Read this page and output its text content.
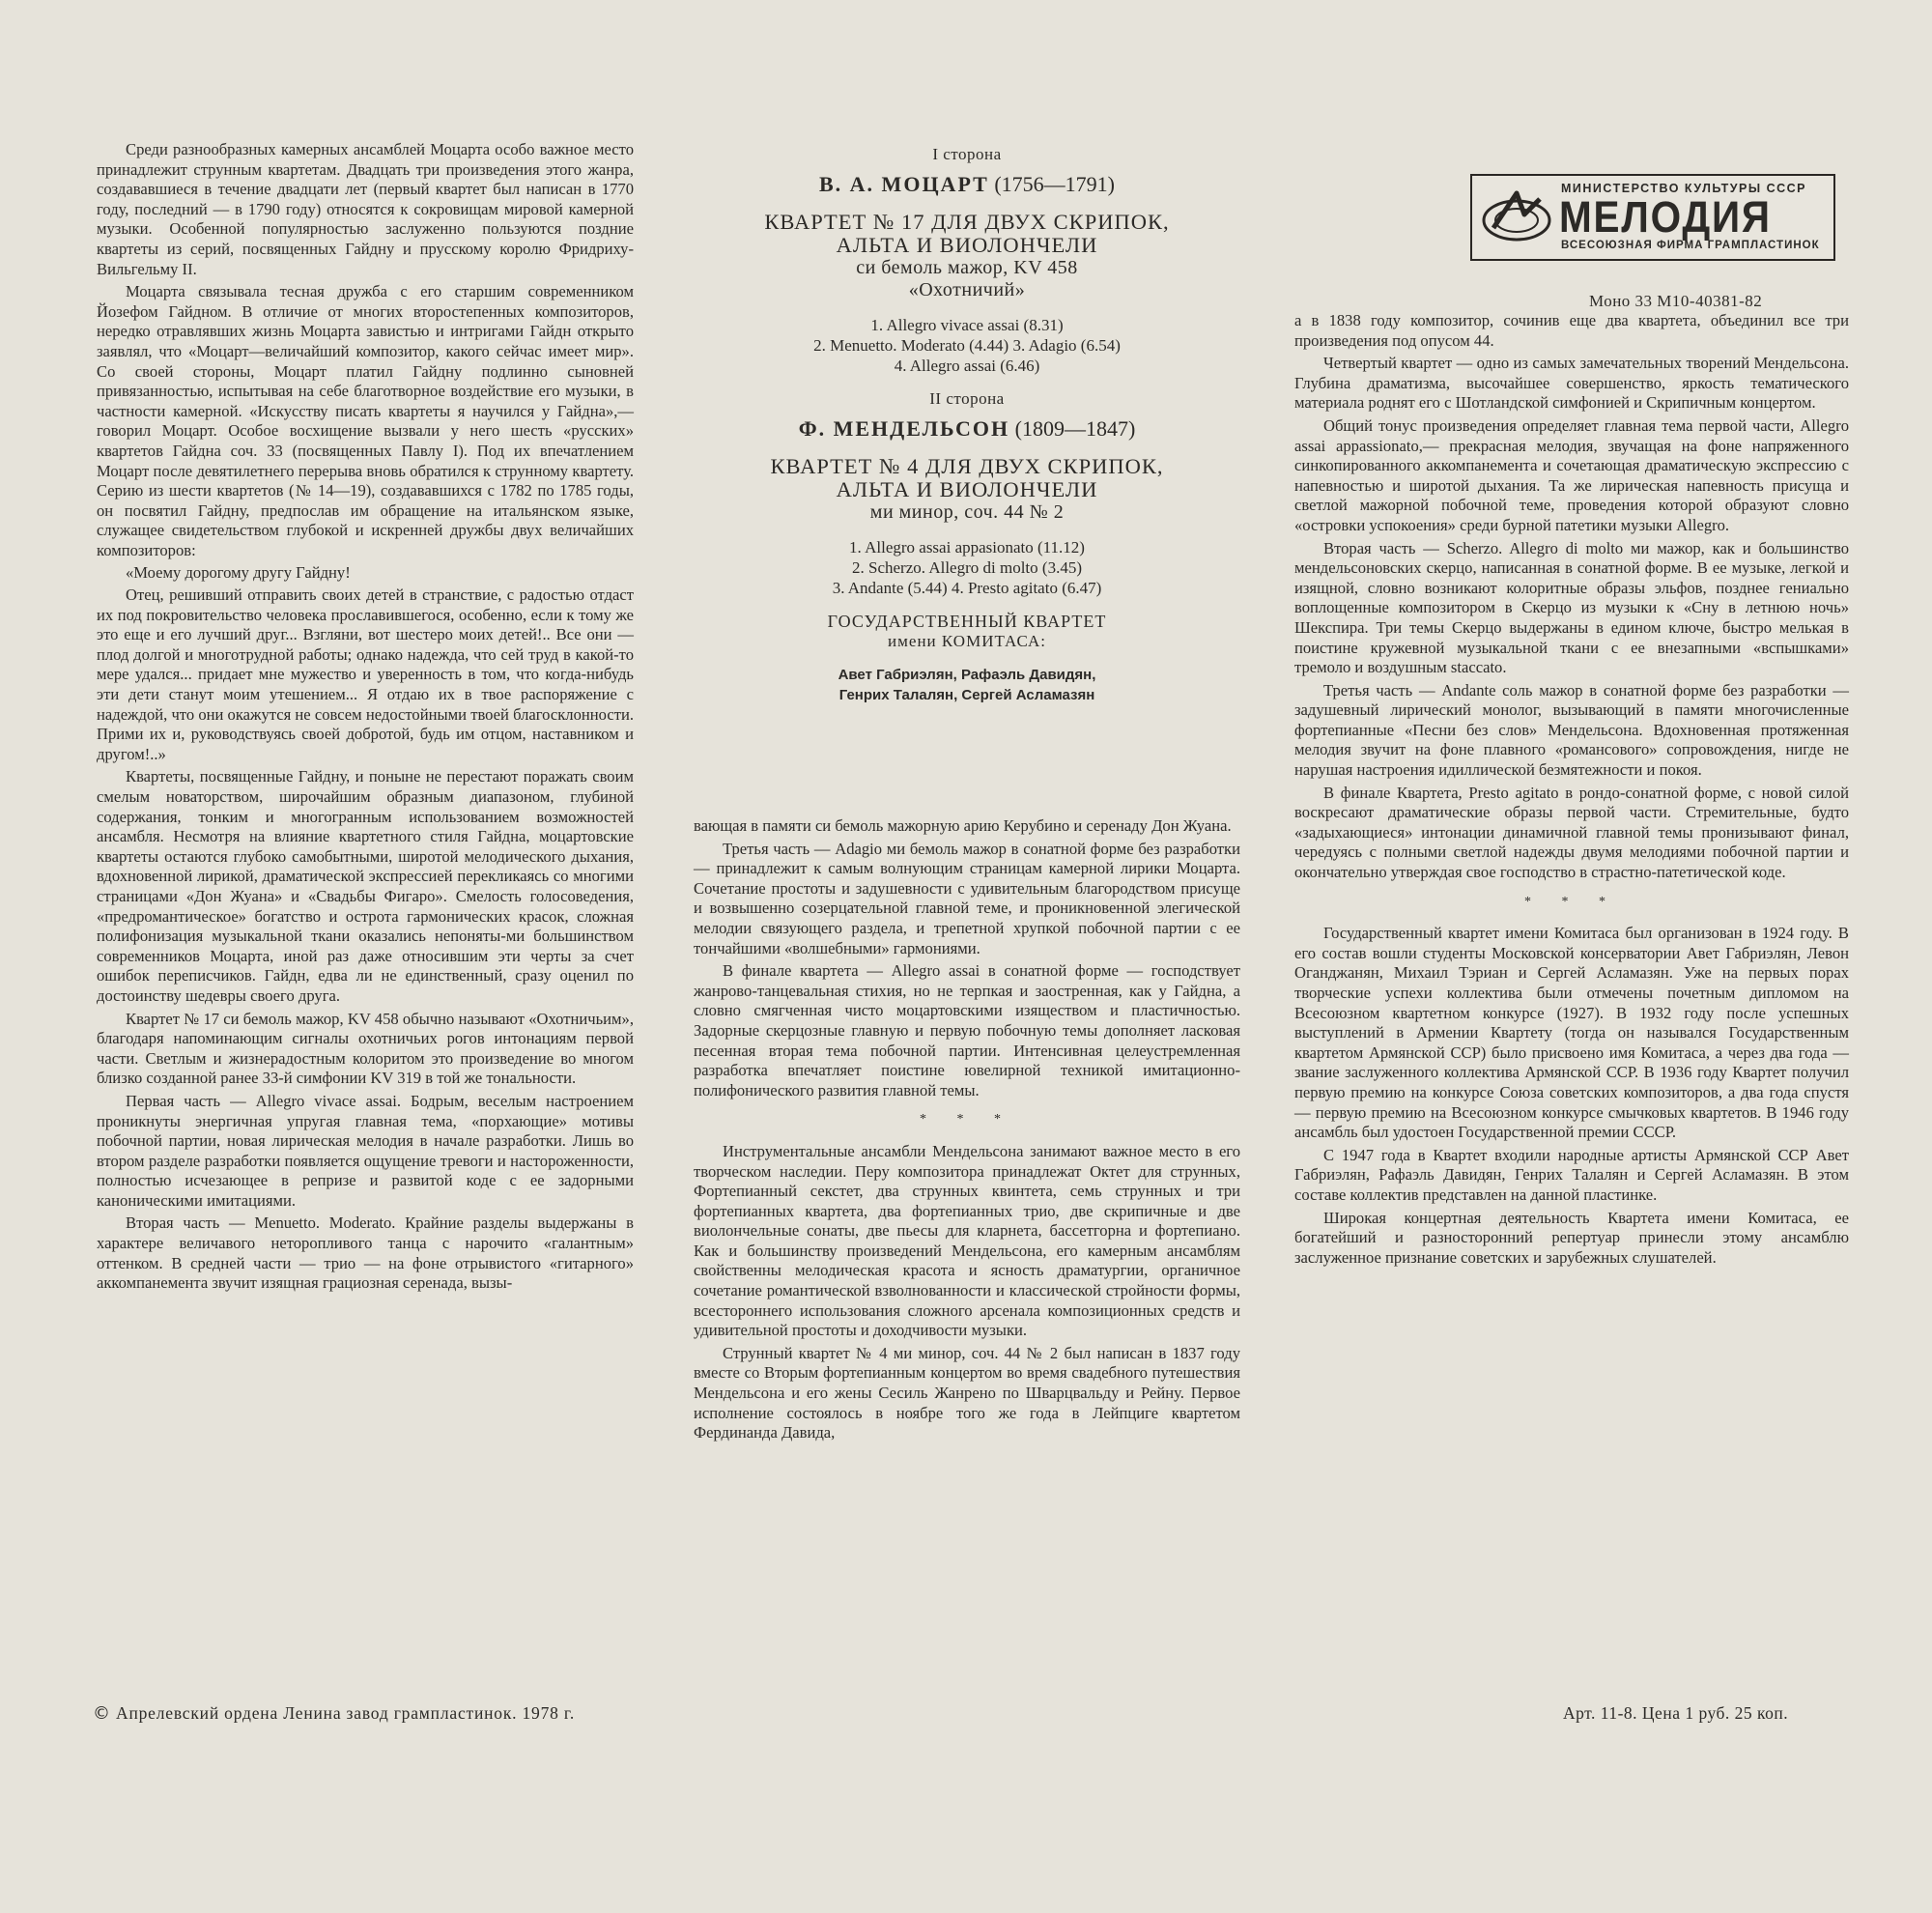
Среди разнообразных камерных ансамблей Моцарта особо важное место принадлежит струнным квартетам. Двадцать три произведения этого жанра, создававшиеся в течение двадцати лет (первый квартет был написан в 1770 году, последний — в 1790 году) относятся к сокровищам мировой камерной музыки. Особенной популярностью заслуженно пользуются поздние квартеты из серий, посвященных Гайдну и прусскому королю Фридриху-Вильгельму II.

Моцарта связывала тесная дружба с его старшим современником Йозефом Гайдном. В отличие от многих второстепенных композиторов, нередко отравлявших жизнь Моцарта завистью и интригами Гайдн открыто заявлял, что «Моцарт—величайший композитор, какого сейчас имеет мир». Со своей стороны, Моцарт платил Гайдну подлинно сыновней привязанностью, испытывая на себе благотворное воздействие его музыки, в частности камерной. «Искусству писать квартеты я научился у Гайдна»,— говорил Моцарт. Особое восхищение вызвали у него шесть «русских» квартетов Гайдна соч. 33 (посвященных Павлу I). Под их впечатлением Моцарт после девятилетнего перерыва вновь обратился к струнному квартету. Серию из шести квартетов (№ 14—19), создававшихся с 1782 по 1785 годы, он посвятил Гайдну, предпослав им обращение на итальянском языке, служащее свидетельством глубокой и искренней дружбы двух величайших композиторов:

«Моему дорогому другу Гайдну!

Отец, решивший отправить своих детей в странствие, с радостью отдаст их под покровительство человека прославившегося, особенно, если к тому же это еще и его лучший друг... Взгляни, вот шестеро моих детей!.. Все они — плод долгой и многотрудной работы; однако надежда, что сей труд в какой-то мере удался... придает мне мужество и уверенность в том, что когда-нибудь эти дети станут моим утешением... Я отдаю их в твое распоряжение с надеждой, что они окажутся не совсем недостойными твоей благосклонности. Прими их и, руководствуясь своей добротой, будь им отцом, наставником и другом!..»

Квартеты, посвященные Гайдну, и поныне не перестают поражать своим смелым новаторством, широчайшим образным диапазоном, глубиной содержания, тонким и многогранным использованием возможностей ансамбля. Несмотря на влияние квартетного стиля Гайдна, моцартовские квартеты остаются глубоко самобытными, широтой мелодического дыхания, вдохновенной лирикой, драматической экспрессией перекликаясь со многими страницами «Дон Жуана» и «Свадьбы Фигаро». Смелость голосоведения, «предромантическое» богатство и острота гармонических красок, сложная полифонизация музыкальной ткани оказались непоняты-ми большинством современников Моцарта, иной раз даже относившим эти черты за счет ошибок переписчиков. Гайдн, едва ли не единственный, сразу оценил по достоинству шедевры своего друга.

Квартет № 17 си бемоль мажор, KV 458 обычно называют «Охотничьим», благодаря напоминающим сигналы охотничьих рогов интонациям первой части. Светлым и жизнерадостным колоритом это произведение во многом близко созданной ранее 33-й симфонии KV 319 в той же тональности.

Первая часть — Allegro vivace assai. Бодрым, веселым настроением проникнуты энергичная упругая главная тема, «порхающие» мотивы побочной партии, новая лирическая мелодия в начале разработки. Лишь во втором разделе разработки появляется ощущение тревоги и настороженности, полностью исчезающее в репризе и развитой коде с ее задорными каноническими имитациями.

Вторая часть — Menuetto. Moderato. Крайние разделы выдержаны в характере величавого неторопливого танца с нарочито «галантным» оттенком. В средней части — трио — на фоне отрывистого «гитарного» аккомпанемента звучит изящная грациозная серенада, вызы-

I сторона
В. А. МОЦАРТ (1756—1791)
КВАРТЕТ № 17 ДЛЯ ДВУХ СКРИПОК,
АЛЬТА И ВИОЛОНЧЕЛИ
си бемоль мажор, KV 458
«Охотничий»
1. Allegro vivace assai (8.31)
2. Menuetto. Moderato (4.44) 3. Adagio (6.54)
4. Allegro assai (6.46)
II сторона
Ф. МЕНДЕЛЬСОН (1809—1847)
КВАРТЕТ № 4 ДЛЯ ДВУХ СКРИПОК,
АЛЬТА И ВИОЛОНЧЕЛИ
ми минор, соч. 44 № 2
1. Allegro assai appasionato (11.12)
2. Scherzo. Allegro di molto (3.45)
3. Andante (5.44) 4. Presto agitato (6.47)
ГОСУДАРСТВЕННЫЙ КВАРТЕТ
имени КОМИТАСА:
Авет Габриэлян, Рафаэль Давидян,
Генрих Талалян, Сергей Асламазян

вающая в памяти си бемоль мажорную арию Керубино и серенаду Дон Жуана.

Третья часть — Adagio ми бемоль мажор в сонатной форме без разработки — принадлежит к самым волнующим страницам камерной лирики Моцарта. Сочетание простоты и задушевности с удивительным благородством присуще и возвышенно созерцательной главной теме, и проникновенной элегической мелодии связующего раздела, и трепетной хрупкой побочной партии с ее тончайшими «волшебными» гармониями.

В финале квартета — Allegro assai в сонатной форме — господствует жанрово-танцевальная стихия, но не терпкая и заостренная, как у Гайдна, а словно смягченная чисто моцартовскими изяществом и пластичностью. Задорные скерцозные главную и первую побочную темы дополняет ласковая песенная вторая тема побочной партии. Интенсивная целеустремленная разработка впечатляет поистине ювелирной техникой имитационно-полифонического развития главной темы.

* * *

Инструментальные ансамбли Мендельсона занимают важное место в его творческом наследии. Перу композитора принадлежат Октет для струнных, Фортепианный секстет, два струнных квинтета, семь струнных и три фортепианных квартета, два фортепианных трио, две скрипичные и две виолончельные сонаты, две пьесы для кларнета, бассетгорна и фортепиано. Как и большинству произведений Мендельсона, его камерным ансамблям свойственны мелодическая красота и ясность драматургии, органичное сочетание романтической взволнованности и классической стройности формы, всестороннего использования сложного арсенала композиционных средств и удивительной простоты и доходчивости музыки.

Струнный квартет № 4 ми минор, соч. 44 № 2 был написан в 1837 году вместе со Вторым фортепианным концертом во время свадебного путешествия Мендельсона и его жены Сесиль Жанрено по Шварцвальду и Рейну. Первое исполнение состоялось в ноябре того же года в Лейпциге квартетом Фердинанда Давида,

МИНИСТЕРСТВО КУЛЬТУРЫ СССР
МЕЛОДИЯ
ВСЕСОЮЗНАЯ ФИРМА ГРАМПЛАСТИНОК
Моно 33 М10-40381-82

а в 1838 году композитор, сочинив еще два квартета, объединил все три произведения под опусом 44.

Четвертый квартет — одно из самых замечательных творений Мендельсона. Глубина драматизма, высочайшее совершенство, яркость тематического материала роднят его с Шотландской симфонией и Скрипичным концертом.

Общий тонус произведения определяет главная тема первой части, Allegro assai appassionato,— прекрасная мелодия, звучащая на фоне напряженного синкопированного аккомпанемента и сочетающая драматическую экспрессию с напевностью и широтой дыхания. Та же лирическая напевность присуща и светлой мажорной побочной теме, проведения которой образуют словно «островки успокоения» среди бурной патетики музыки Allegro.

Вторая часть — Scherzo. Allegro di molto ми мажор, как и большинство мендельсоновских скерцо, написанная в сонатной форме. В ее музыке, легкой и изящной, словно возникают колоритные образы эльфов, позднее гениально воплощенные композитором в Скерцо из музыки к «Сну в летнюю ночь» Шекспира. Три темы Скерцо выдержаны в едином ключе, быстро мелькая в поистине кружевной музыкальной ткани с ее внезапными «вспышками» тремоло и воздушным staccato.

Третья часть — Andante соль мажор в сонатной форме без разработки — задушевный лирический монолог, вызывающий в памяти многочисленные фортепианные «Песни без слов» Мендельсона. Вдохновенная протяженная мелодия звучит на фоне плавного «романсового» сопровождения, нигде не нарушая настроения идиллической безмятежности и покоя.

В финале Квартета, Presto agitato в рондо-сонатной форме, с новой силой воскресают драматические образы первой части. Стремительные, будто «задыхающиеся» интонации динамичной главной темы пронизывают финал, чередуясь с полными светлой надежды двумя мелодиями побочной партии и окончательно утверждая свое господство в страстно-патетической коде.

* * *

Государственный квартет имени Комитаса был организован в 1924 году. В его состав вошли студенты Московской консерватории Авет Габриэлян, Левон Оганджанян, Михаил Тэриан и Сергей Асламазян. Уже на первых порах творческие успехи коллектива были отмечены почетным дипломом на Всесоюзном квартетном конкурсе (1927). В 1932 году после успешных выступлений в Армении Квартету (тогда он назывался Государственным квартетом Армянской ССР) было присвоено имя Комитаса, а через два года — звание заслуженного коллектива Армянской ССР. В 1936 году Квартет получил первую премию на конкурсе Союза советских композиторов, а два года спустя — первую премию на Всесоюзном конкурсе смычковых квартетов. В 1946 году ансамбль был удостоен Государственной премии СССР.

С 1947 года в Квартет входили народные артисты Армянской ССР Авет Габриэлян, Рафаэль Давидян, Генрих Талалян и Сергей Асламазян. В этом составе коллектив представлен на данной пластинке.

Широкая концертная деятельность Квартета имени Комитаса, ее богатейший и разносторонний репертуар принесли этому ансамблю заслуженное признание советских и зарубежных слушателей.

© Апрелевский ордена Ленина завод грампластинок. 1978 г.	Арт. 11-8. Цена 1 руб. 25 коп.
